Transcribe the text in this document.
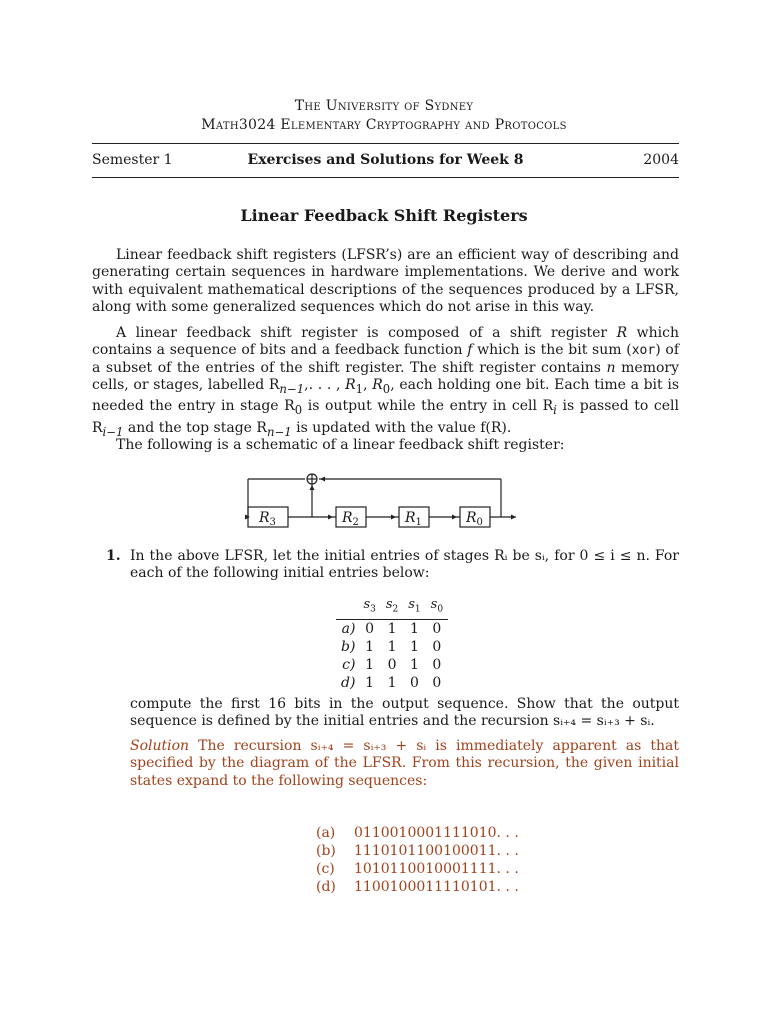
The University of Sydney
Math3024 Elementary Cryptography and Protocols
Semester 1	Exercises and Solutions for Week 8	2004
Linear Feedback Shift Registers
Linear feedback shift registers (LFSR’s) are an efficient way of describing and generating certain sequences in hardware implementations. We derive and work with equivalent mathematical descriptions of the sequences produced by a LFSR, along with some generalized sequences which do not arise in this way.
A linear feedback shift register is composed of a shift register R which contains a sequence of bits and a feedback function f which is the bit sum (xor) of a subset of the entries of the shift register. The shift register contains n memory cells, or stages, labelled $R_{n-1}$,. . . , $R_1$, $R_0$, each holding one bit. Each time a bit is needed the entry in stage $R_0$ is output while the entry in cell $R_i$ is passed to cell $R_{i-1}$ and the top stage $R_{n-1}$ is updated with the value f(R).
The following is a schematic of a linear feedback shift register:
$R_3$	$R_2$	$R_1$	$R_0$
1. In the above LFSR, let the initial entries of stages Rᵢ be sᵢ, for 0 ≤ i ≤ n. For each of the following initial entries below:
	$s_3$	$s_2$	$s_1$	$s_0$
a)	0	1	1	0
b)	1	1	1	0
c)	1	0	1	0
d)	1	1	0	0
compute the first 16 bits in the output sequence. Show that the output sequence is defined by the initial entries and the recursion sᵢ₊₄ = sᵢ₊₃ + sᵢ.
Solution The recursion sᵢ₊₄ = sᵢ₊₃ + sᵢ is immediately apparent as that specified by the diagram of the LFSR. From this recursion, the given initial states expand to the following sequences:
(a) 0110010001111010. . .
(b) 1110101100100011. . .
(c) 1010110010001111. . .
(d) 1100100011110101. . .
